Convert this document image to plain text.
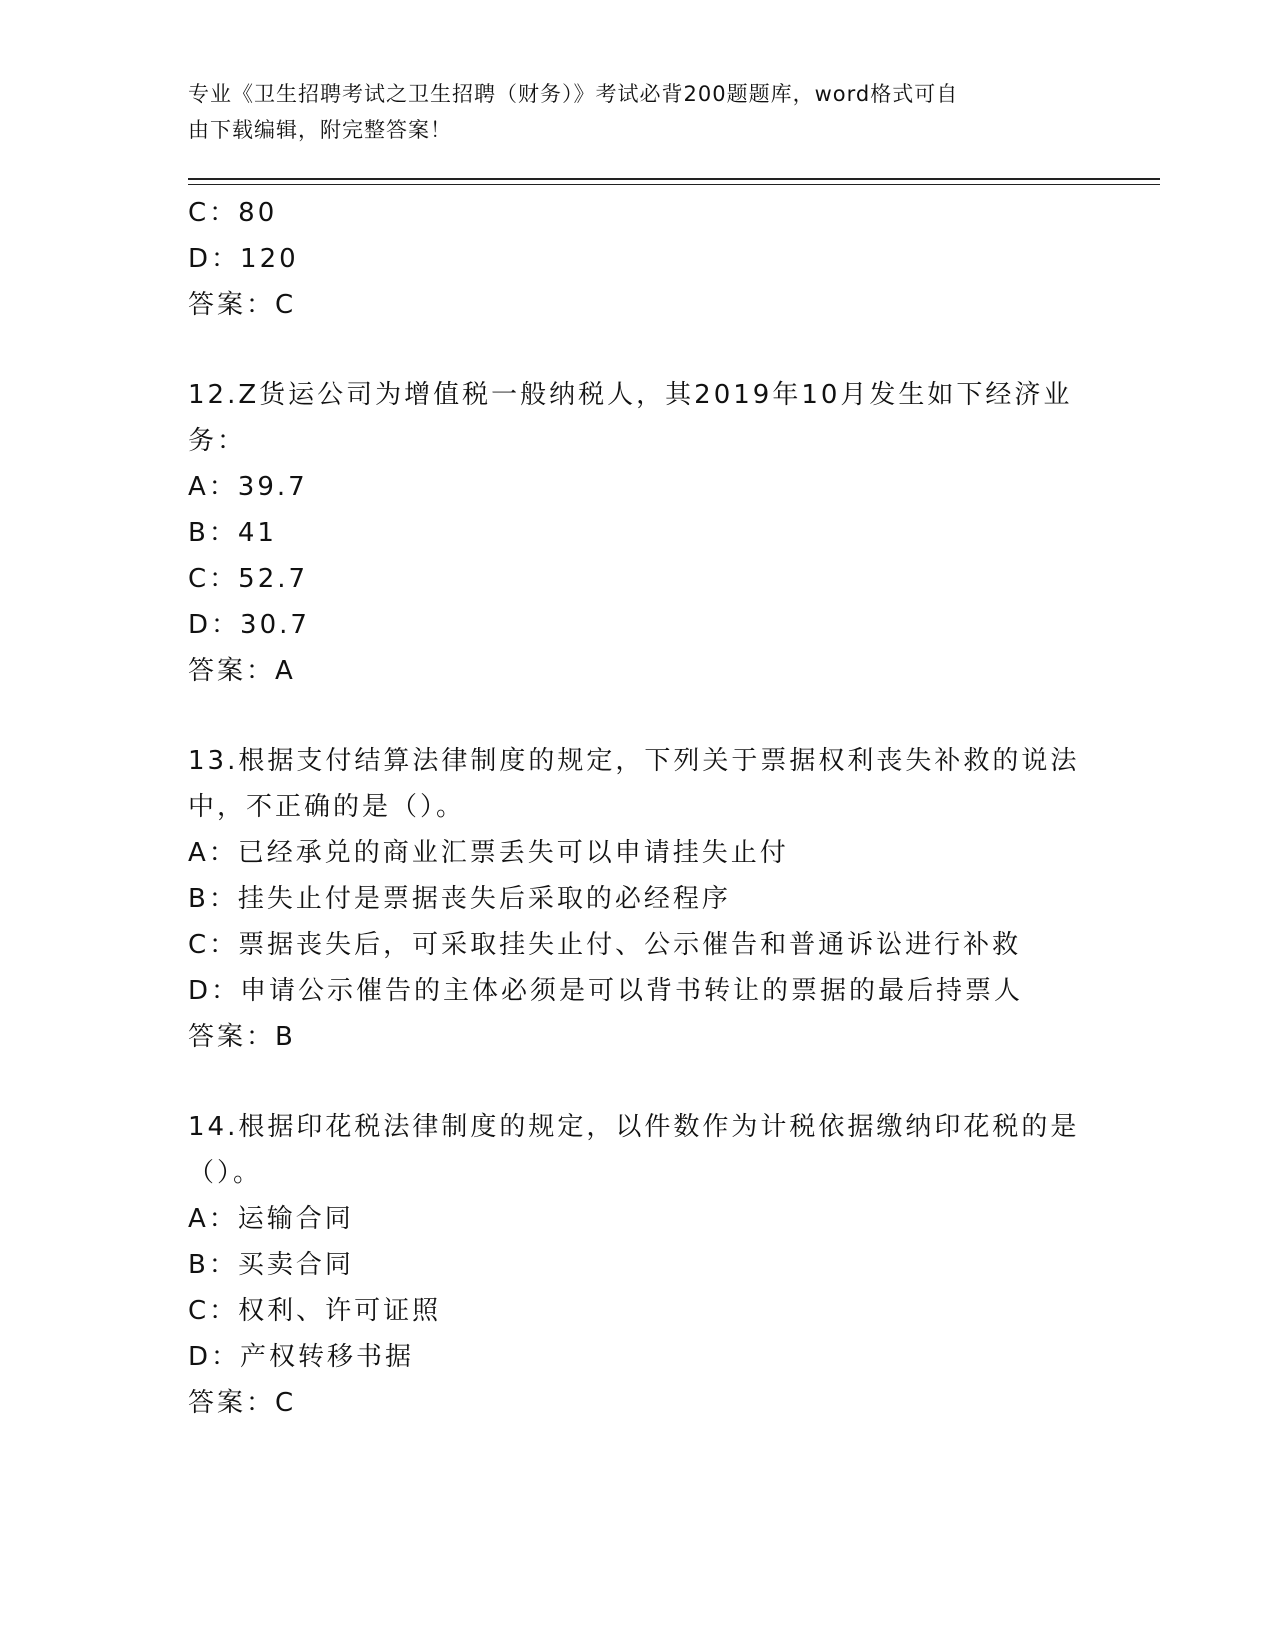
专业《卫生招聘考试之卫生招聘（财务）》考试必背200题题库，word格式可自
由下载编辑，附完整答案！
C：80
D：120
答案：C
12.Z货运公司为增值税一般纳税人，其2019年10月发生如下经济业
务：
A：39.7
B：41
C：52.7
D：30.7
答案：A
13.根据支付结算法律制度的规定，下列关于票据权利丧失补救的说法
中，不正确的是（）。
A：已经承兑的商业汇票丢失可以申请挂失止付
B：挂失止付是票据丧失后采取的必经程序
C：票据丧失后，可采取挂失止付、公示催告和普通诉讼进行补救
D：申请公示催告的主体必须是可以背书转让的票据的最后持票人
答案：B
14.根据印花税法律制度的规定，以件数作为计税依据缴纳印花税的是
（）。
A：运输合同
B：买卖合同
C：权利、许可证照
D：产权转移书据
答案：C
